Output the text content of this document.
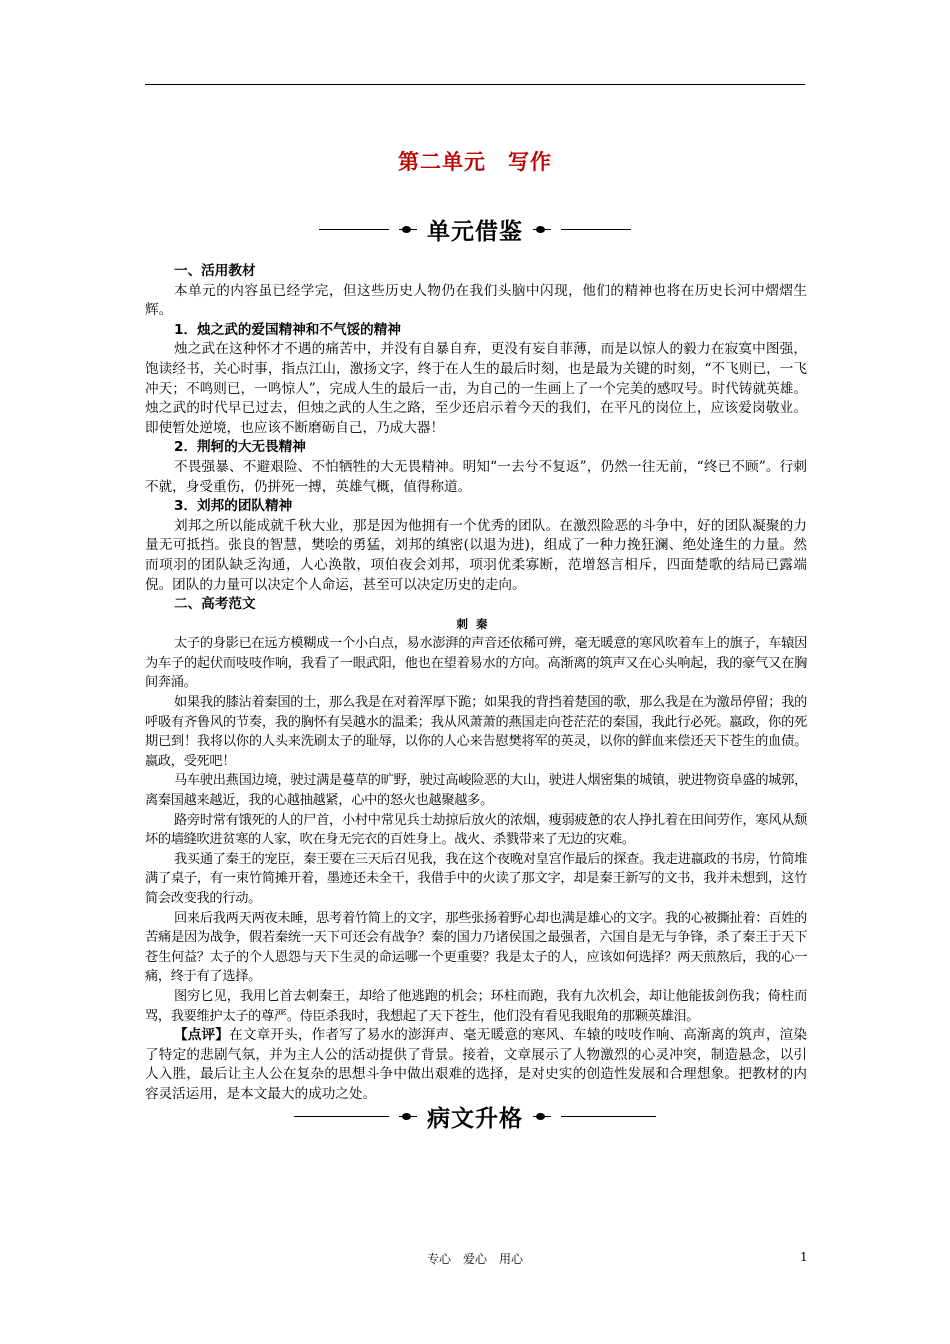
第二单元　写作
单元借鉴

一、活用教材

本单元的内容虽已经学完，但这些历史人物仍在我们头脑中闪现，他们的精神也将在历史长河中熠熠生辉。

1．烛之武的爱国精神和不气馁的精神

烛之武在这种怀才不遇的痛苦中，并没有自暴自弃，更没有妄自菲薄，而是以惊人的毅力在寂寞中图强，饱读经书，关心时事，指点江山，激扬文字，终于在人生的最后时刻，也是最为关键的时刻，“不飞则已，一飞冲天；不鸣则已，一鸣惊人”，完成人生的最后一击，为自己的一生画上了一个完美的感叹号。时代铸就英雄。烛之武的时代早已过去，但烛之武的人生之路，至少还启示着今天的我们，在平凡的岗位上，应该爱岗敬业。即使暂处逆境，也应该不断磨砺自己，乃成大器！

2．荆轲的大无畏精神

不畏强暴、不避艰险、不怕牺牲的大无畏精神。明知“一去兮不复返”，仍然一往无前，“终已不顾”。行刺不就，身受重伤，仍拼死一搏，英雄气概，值得称道。

3．刘邦的团队精神

刘邦之所以能成就千秋大业，那是因为他拥有一个优秀的团队。在激烈险恶的斗争中，好的团队凝聚的力量无可抵挡。张良的智慧，樊哙的勇猛，刘邦的缜密(以退为进)，组成了一种力挽狂澜、绝处逢生的力量。然而项羽的团队缺乏沟通，人心涣散，项伯夜会刘邦，项羽优柔寡断，范增怒言相斥，四面楚歌的结局已露端倪。团队的力量可以决定个人命运，甚至可以决定历史的走向。

二、高考范文

刺秦

太子的身影已在远方模糊成一个小白点，易水澎湃的声音还依稀可辨，毫无暖意的寒风吹着车上的旗子，车辕因为车子的起伏而吱吱作响，我看了一眼武阳，他也在望着易水的方向。高渐离的筑声又在心头响起，我的豪气又在胸间奔涌。

如果我的膝沾着秦国的土，那么我是在对着浑厚下跪；如果我的背挡着楚国的歌，那么我是在为激昂停留；我的呼吸有齐鲁风的节奏，我的胸怀有吴越水的温柔；我从风萧萧的燕国走向苍茫茫的秦国，我此行必死。嬴政，你的死期已到！我将以你的人头来洗刷太子的耻辱，以你的人心来告慰樊将军的英灵，以你的鲜血来偿还天下苍生的血债。嬴政，受死吧！

马车驶出燕国边境，驶过满是蔓草的旷野，驶过高峻险恶的大山，驶进人烟密集的城镇，驶进物资阜盛的城郭，离秦国越来越近，我的心越抽越紧，心中的怒火也越聚越多。

路旁时常有饿死的人的尸首，小村中常见兵士劫掠后放火的浓烟，瘦弱疲惫的农人挣扎着在田间劳作，寒风从颓坏的墙缝吹进贫寒的人家，吹在身无完衣的百姓身上。战火、杀戮带来了无边的灾难。

我买通了秦王的宠臣，秦王要在三天后召见我，我在这个夜晚对皇宫作最后的探查。我走进嬴政的书房，竹简堆满了桌子，有一束竹简摊开着，墨迹还未全干，我借手中的火读了那文字，却是秦王新写的文书，我并未想到，这竹简会改变我的行动。

回来后我两天两夜未睡，思考着竹简上的文字，那些张扬着野心却也满是雄心的文字。我的心被撕扯着：百姓的苦痛是因为战争，假若秦统一天下可还会有战争？秦的国力乃诸侯国之最强者，六国自是无与争锋，杀了秦王于天下苍生何益？太子的个人恩怨与天下生灵的命运哪一个更重要？我是太子的人，应该如何选择？两天煎熬后，我的心一痛，终于有了选择。

图穷匕见，我用匕首去刺秦王，却给了他逃跑的机会；环柱而跑，我有九次机会，却让他能拔剑伤我；倚柱而骂，我要维护太子的尊严。侍臣杀我时，我想起了天下苍生，他们没有看见我眼角的那颗英雄泪。

【点评】在文章开头，作者写了易水的澎湃声、毫无暖意的寒风、车辕的吱吱作响、高渐离的筑声，渲染了特定的悲剧气氛，并为主人公的活动提供了背景。接着，文章展示了人物激烈的心灵冲突，制造悬念，以引人入胜，最后让主人公在复杂的思想斗争中做出艰难的选择，是对史实的创造性发展和合理想象。把教材的内容灵活运用，是本文最大的成功之处。

病文升格
专心　爱心　用心	1
